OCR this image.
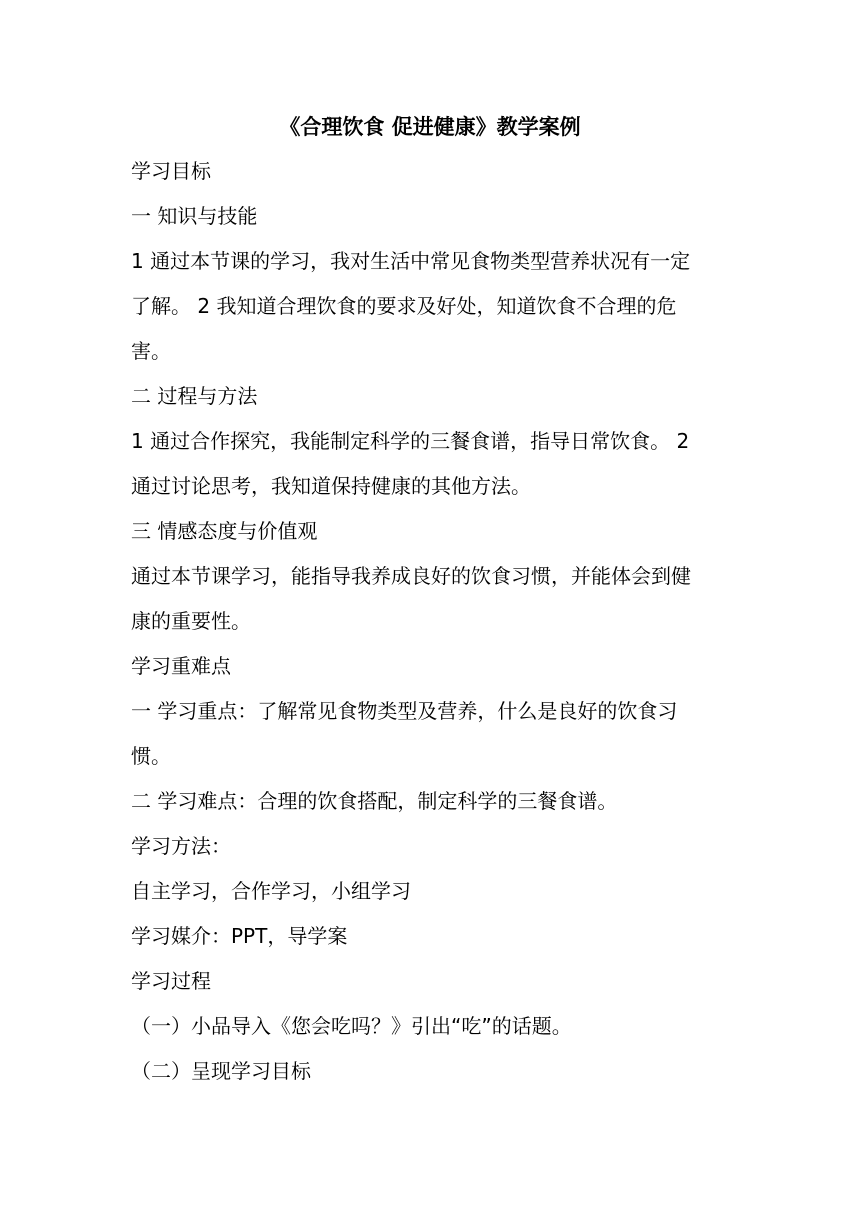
《合理饮食 促进健康》教学案例

学习目标

一 知识与技能

1 通过本节课的学习，我对生活中常见食物类型营养状况有一定
了解。 2 我知道合理饮食的要求及好处，知道饮食不合理的危
害。

二 过程与方法

1 通过合作探究，我能制定科学的三餐食谱，指导日常饮食。 2
通过讨论思考，我知道保持健康的其他方法。

三 情感态度与价值观

通过本节课学习，能指导我养成良好的饮食习惯，并能体会到健
康的重要性。

学习重难点

一 学习重点：了解常见食物类型及营养，什么是良好的饮食习
惯。

二 学习难点：合理的饮食搭配，制定科学的三餐食谱。

学习方法：

自主学习，合作学习，小组学习

学习媒介：PPT，导学案

学习过程

（一）小品导入《您会吃吗？》引出“吃”的话题。

（二）呈现学习目标
